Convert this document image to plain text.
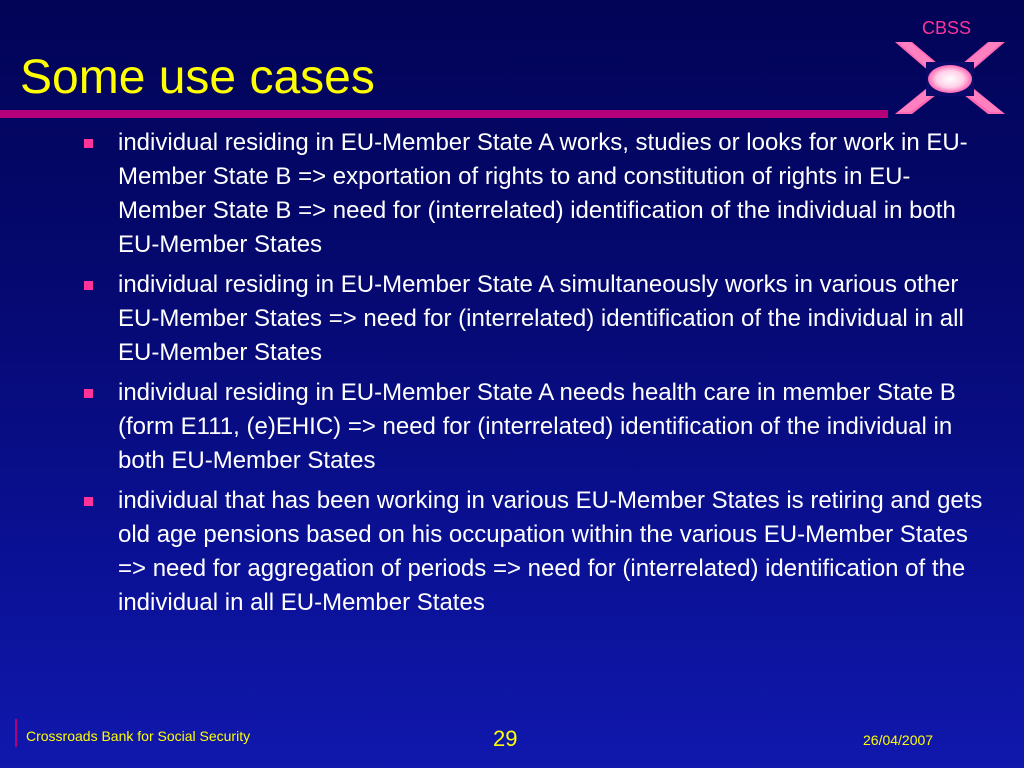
Some use cases
CBSS
individual residing in EU-Member State A works, studies or looks for work in EU-Member State B => exportation of rights to and constitution of rights in EU-Member State B => need for (interrelated) identification of the individual in both EU-Member States
individual residing in EU-Member State A simultaneously works in various other EU-Member States => need for (interrelated) identification of the individual in all EU-Member States
individual residing in EU-Member State A needs health care in member State B (form E111, (e)EHIC) => need for (interrelated) identification of the individual in both EU-Member States
individual that has been working in various EU-Member States is retiring and gets old age pensions based on his occupation within the various EU-Member States => need for aggregation of periods => need for (interrelated) identification of the individual in all EU-Member States
Crossroads Bank for Social Security	29	26/04/2007
